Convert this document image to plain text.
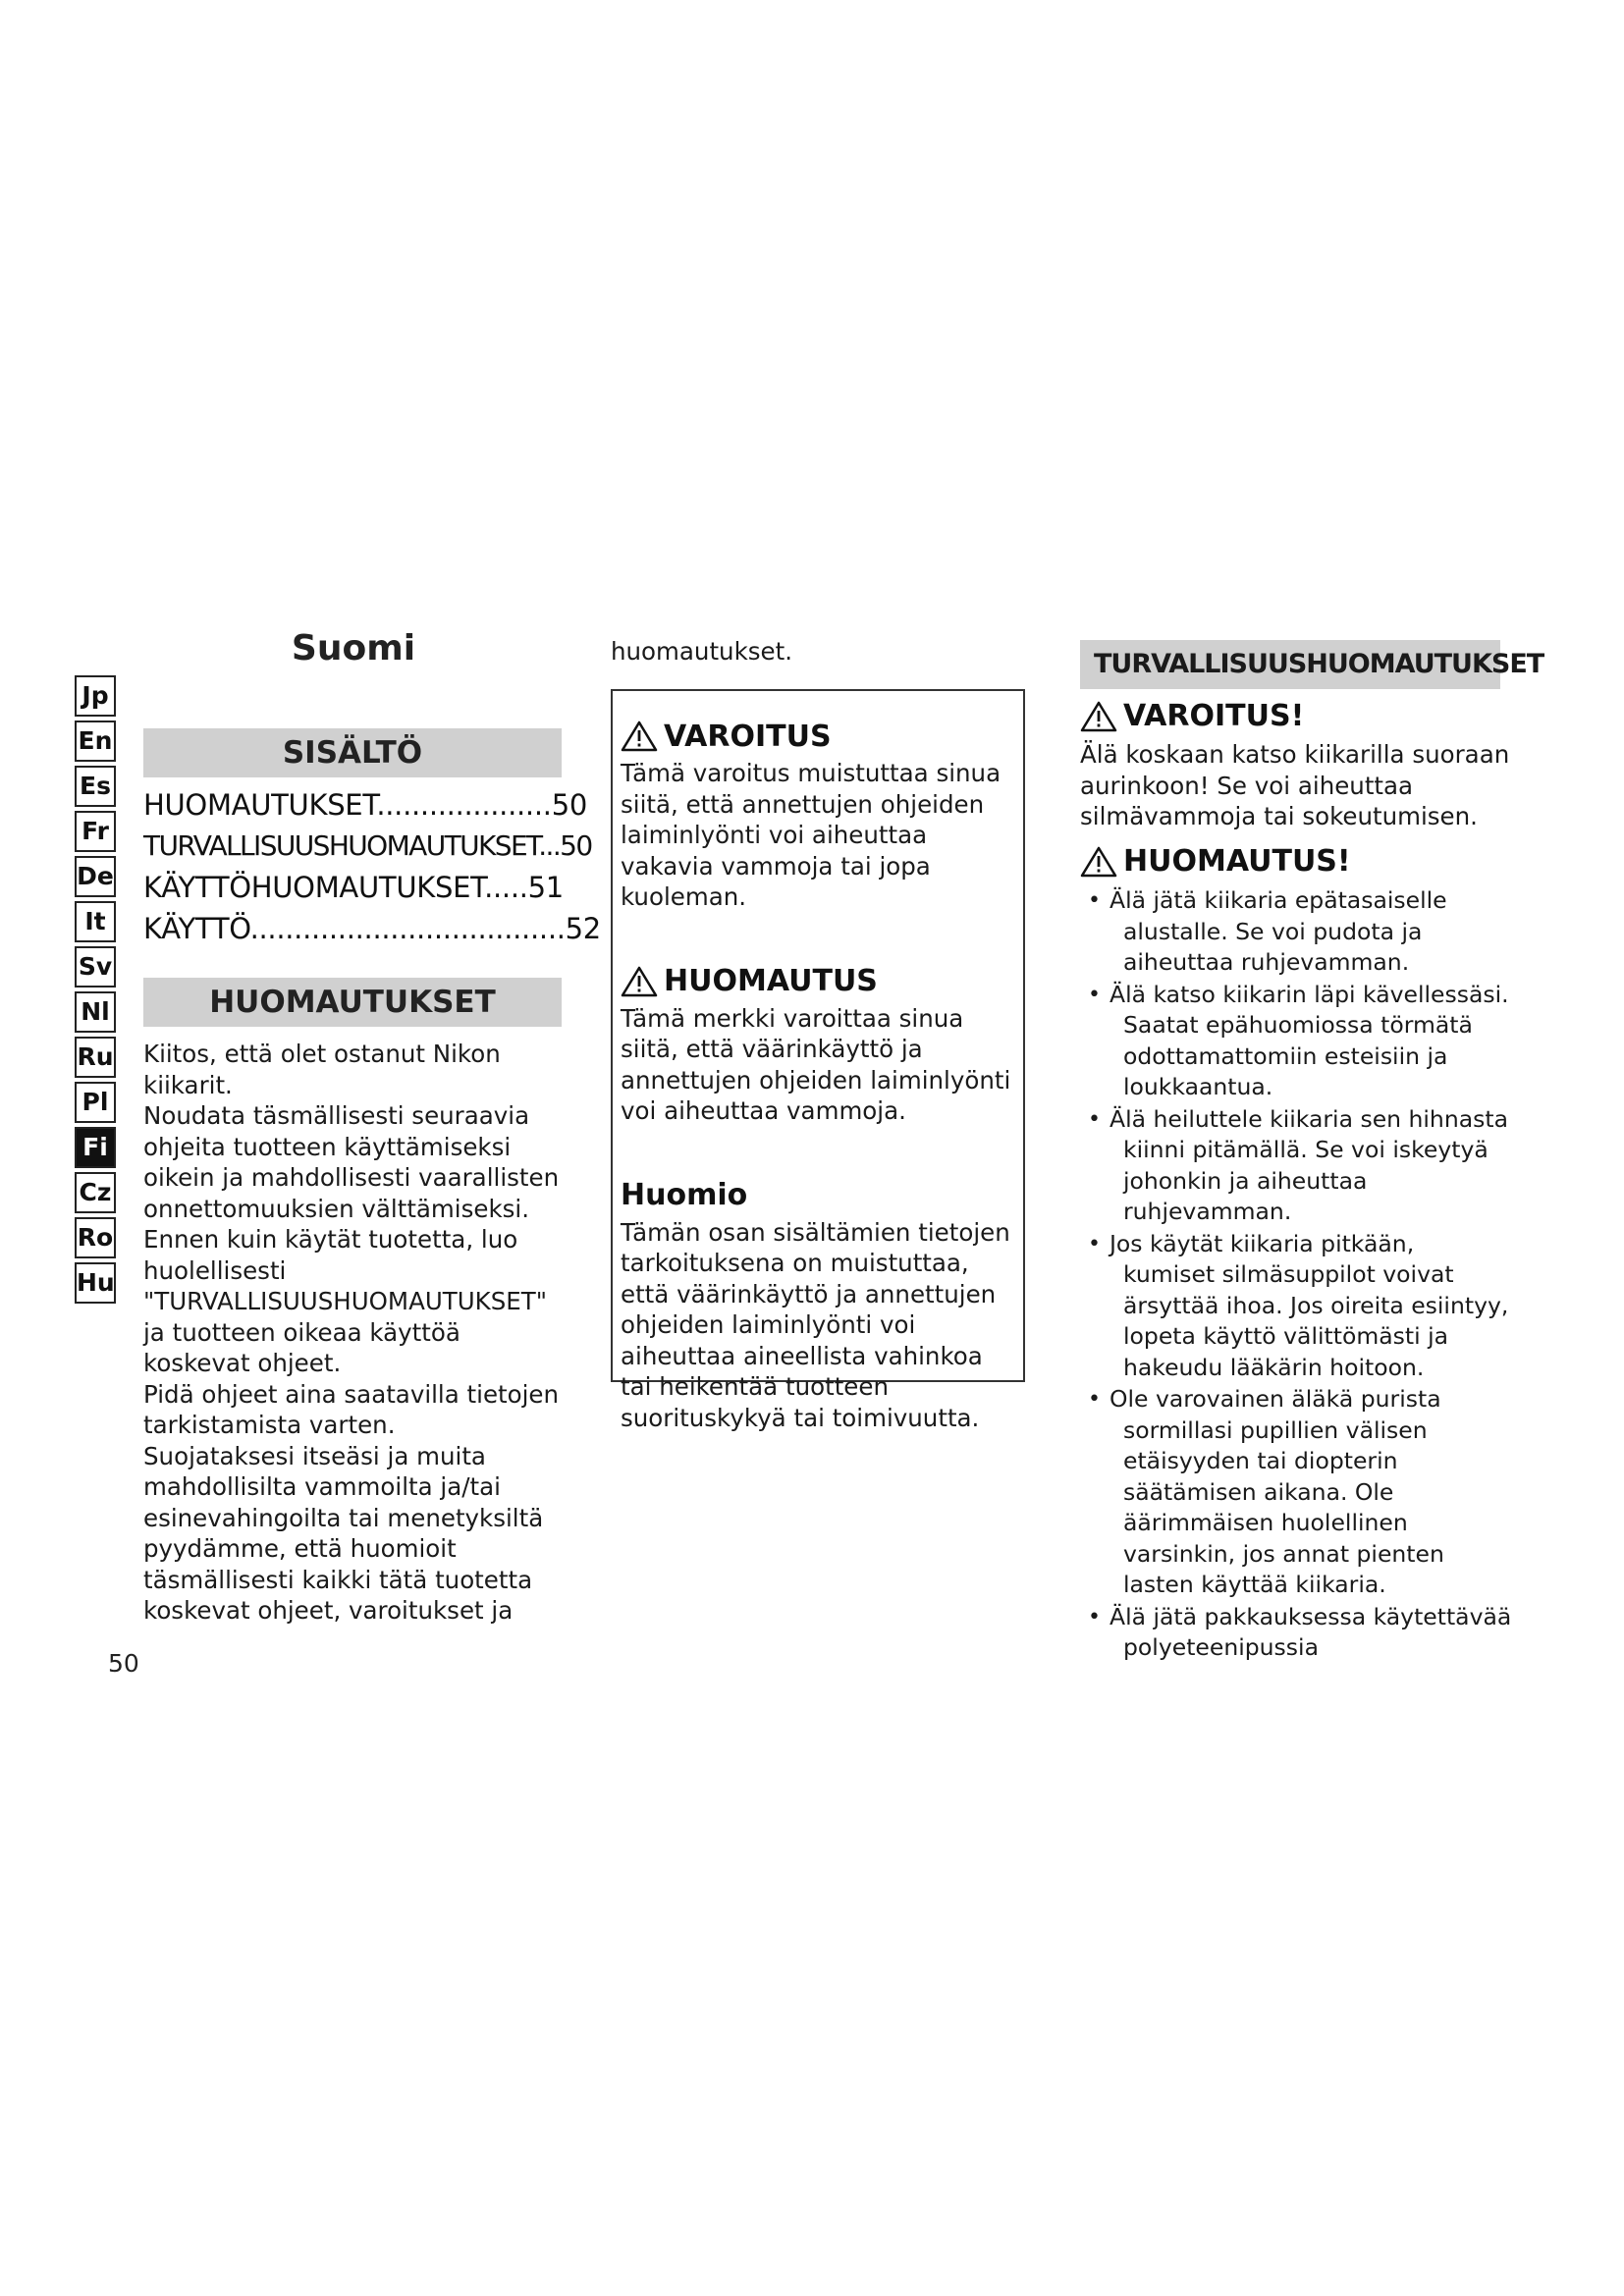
Jp
En
Es
Fr
De
It
Sv
Nl
Ru
Pl
Fi
Cz
Ro
Hu
Suomi
SISÄLTÖ
HUOMAUTUKSET....................50
TURVALLISUUSHUOMAUTUKSET...50
KÄYTTÖHUOMAUTUKSET.....51
KÄYTTÖ....................................52
HUOMAUTUKSET

Kiitos, että olet ostanut Nikon kiikarit.

Noudata täsmällisesti seuraavia ohjeita tuotteen käyttämiseksi oikein ja mahdollisesti vaarallisten onnettomuuksien välttämiseksi.

Ennen kuin käytät tuotetta, luo huolellisesti "TURVALLISUUSHUOMAUTUKSET" ja tuotteen oikeaa käyttöä koskevat ohjeet.

Pidä ohjeet aina saatavilla tietojen tarkistamista varten.

Suojataksesi itseäsi ja muita mahdollisilta vammoilta ja/tai esinevahingoilta tai menetyksiltä pyydämme, että huomioit täsmällisesti kaikki tätä tuotetta koskevat ohjeet, varoitukset ja

huomautukset.

VAROITUS

Tämä varoitus muistuttaa sinua siitä, että annettujen ohjeiden laiminlyönti voi aiheuttaa vakavia vammoja tai jopa kuoleman.

HUOMAUTUS

Tämä merkki varoittaa sinua siitä, että väärinkäyttö ja annettujen ohjeiden laiminlyönti voi aiheuttaa vammoja.

Huomio

Tämän osan sisältämien tietojen tarkoituksena on muistuttaa, että väärinkäyttö ja annettujen ohjeiden laiminlyönti voi aiheuttaa aineellista vahinkoa tai heikentää tuotteen suorituskykyä tai toimivuutta.

TURVALLISUUSHUOMAUTUKSET
VAROITUS!

Älä koskaan katso kiikarilla suoraan aurinkoon! Se voi aiheuttaa silmävammoja tai sokeutumisen.

HUOMAUTUS!
• Älä jätä kiikaria epätasaiselle alustalle. Se voi pudota ja aiheuttaa ruhjevamman.
• Älä katso kiikarin läpi kävellessäsi. Saatat epähuomiossa törmätä odottamattomiin esteisiin ja loukkaantua.
• Älä heiluttele kiikaria sen hihnasta kiinni pitämällä. Se voi iskeytyä johonkin ja aiheuttaa ruhjevamman.
• Jos käytät kiikaria pitkään, kumiset silmäsuppilot voivat ärsyttää ihoa. Jos oireita esiintyy, lopeta käyttö välittömästi ja hakeudu lääkärin hoitoon.
• Ole varovainen äläkä purista sormillasi pupillien välisen etäisyyden tai diopterin säätämisen aikana. Ole äärimmäisen huolellinen varsinkin, jos annat pienten lasten käyttää kiikaria.
• Älä jätä pakkauksessa käytettävää polyeteenipussia
50
